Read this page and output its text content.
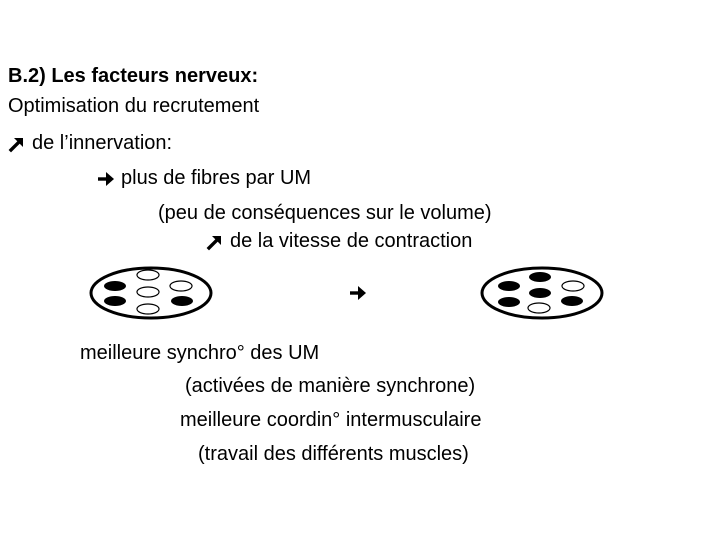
B.2) Les facteurs nerveux:
Optimisation du recrutement
de l’innervation:
plus de fibres par UM
(peu de conséquences sur le volume)
de la vitesse de contraction
meilleure synchro° des UM
(activées de manière synchrone)
meilleure coordin° intermusculaire
(travail des différents muscles)
